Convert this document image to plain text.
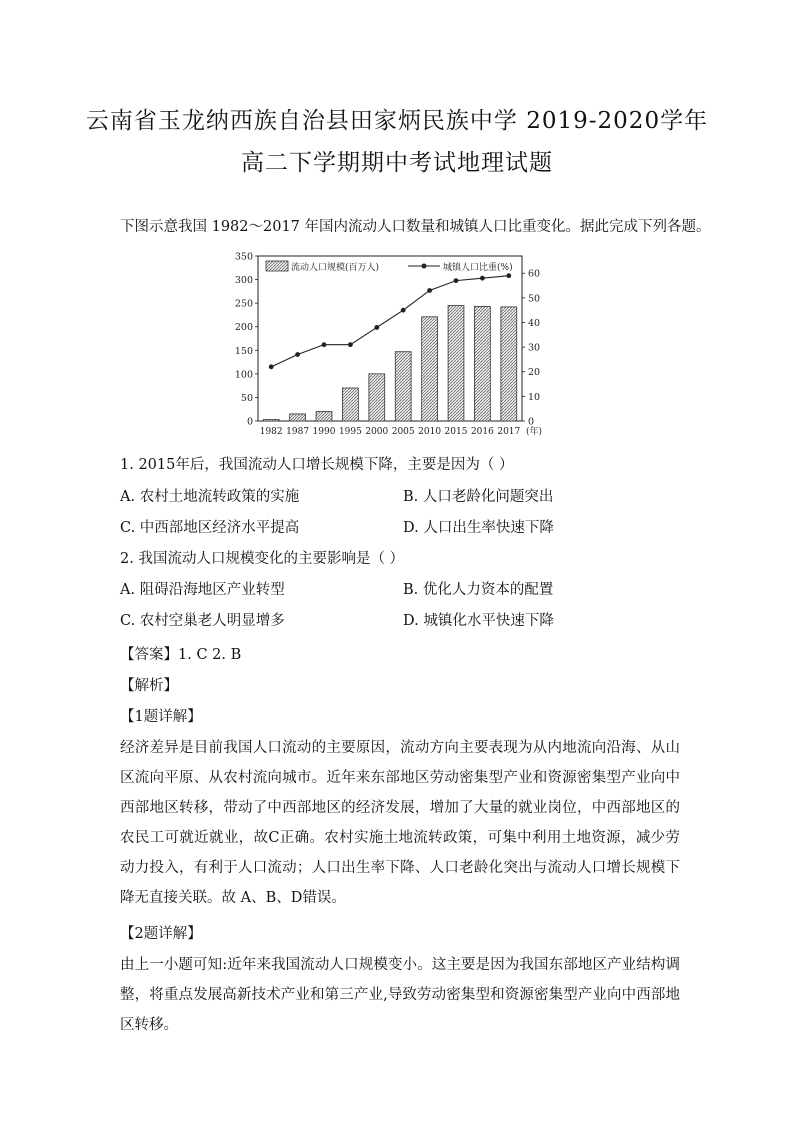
云南省玉龙纳西族自治县田家炳民族中学 2019-2020学年
高二下学期期中考试地理试题
下图示意我国 1982～2017 年国内流动人口数量和城镇人口比重变化。据此完成下列各题。
0
50
100
150
200
250
300
350
0
10
20
30
40
50
60
1982 1987 1990 1995 2000 2005 2010 2015 2016 2017 (年)
流动人口规模(百万人)	城镇人口比重(%)
1. 2015年后，我国流动人口增长规模下降，主要是因为（ ）
A. 农村土地流转政策的实施	B. 人口老龄化问题突出
C. 中西部地区经济水平提高	D. 人口出生率快速下降
2. 我国流动人口规模变化的主要影响是（ ）
A. 阻碍沿海地区产业转型	B. 优化人力资本的配置
C. 农村空巢老人明显增多	D. 城镇化水平快速下降
【答案】1. C 2. B
【解析】
【1题详解】
经济差异是目前我国人口流动的主要原因，流动方向主要表现为从内地流向沿海、从山区流向平原、从农村流向城市。近年来东部地区劳动密集型产业和资源密集型产业向中西部地区转移，带动了中西部地区的经济发展，增加了大量的就业岗位，中西部地区的农民工可就近就业，故C正确。农村实施土地流转政策，可集中利用土地资源，减少劳动力投入，有利于人口流动；人口出生率下降、人口老龄化突出与流动人口增长规模下降无直接关联。故 A、B、D错误。
【2题详解】
由上一小题可知:近年来我国流动人口规模变小。这主要是因为我国东部地区产业结构调整，将重点发展高新技术产业和第三产业,导致劳动密集型和资源密集型产业向中西部地区转移。
